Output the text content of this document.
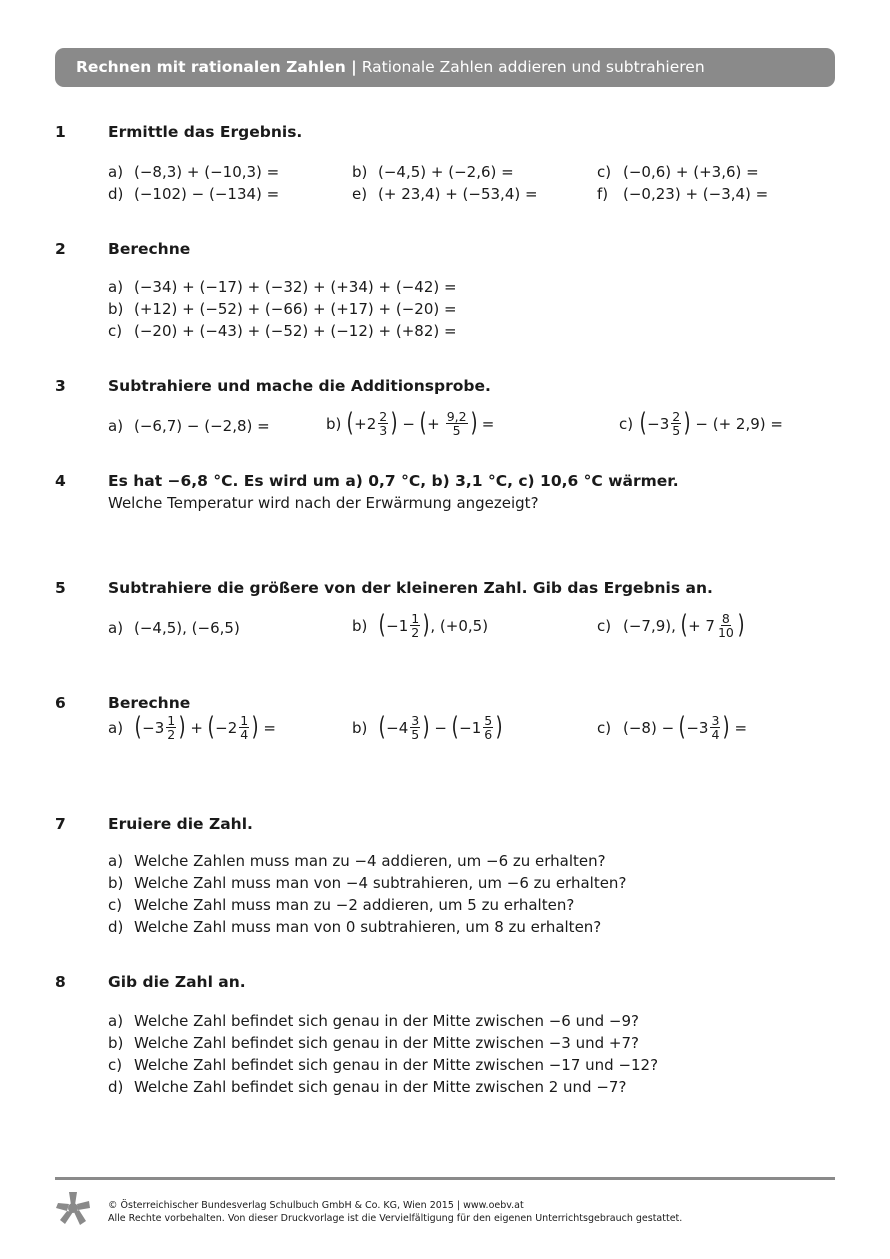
Rechnen mit rationalen Zahlen | Rationale Zahlen addieren und subtrahieren
1	Ermittle das Ergebnis.
a) (−8,3) + (−10,3) =	b) (−4,5) + (−2,6) =	c) (−0,6) + (+3,6) =
d) (−102) − (−134) =	e) (+ 23,4) + (−53,4) =	f) (−0,23) + (−3,4) =
2	Berechne
a) (−34) + (−17) + (−32) + (+34) + (−42) =
b) (+12) + (−52) + (−66) + (+17) + (−20) =
c) (−20) + (−43) + (−52) + (−12) + (+82) =
3	Subtrahiere und mache die Additionsprobe.
a) (−6,7) − (−2,8) =	b) ( $+2 \frac{2}{3}$ ) − ( + $\frac{9,2}{5}$ ) =	c) ( $-3 \frac{2}{5}$ ) − (+ 2,9) =
4	Es hat −6,8 °C. Es wird um a) 0,7 °C, b) 3,1 °C, c) 10,6 °C wärmer.
Welche Temperatur wird nach der Erwärmung angezeigt?
5	Subtrahiere die größere von der kleineren Zahl. Gib das Ergebnis an.
a) (−4,5), (−6,5)	b) ( $-1 \frac{1}{2}$ ) , (+0,5)	c) (−7,9), ( + $7 \frac{8}{10}$ )
6	Berechne
a) ( $-3 \frac{1}{2}$ ) + ( $-2 \frac{1}{4}$ ) =	b) ( $-4 \frac{3}{5}$ ) − ( $-1 \frac{5}{6}$ )	c) (−8) − ( $-3 \frac{3}{4}$ ) =
7	Eruiere die Zahl.
a) Welche Zahlen muss man zu −4 addieren, um −6 zu erhalten?
b) Welche Zahl muss man von −4 subtrahieren, um −6 zu erhalten?
c) Welche Zahl muss man zu −2 addieren, um 5 zu erhalten?
d) Welche Zahl muss man von 0 subtrahieren, um 8 zu erhalten?
8	Gib die Zahl an.
a) Welche Zahl befindet sich genau in der Mitte zwischen −6 und −9?
b) Welche Zahl befindet sich genau in der Mitte zwischen −3 und +7?
c) Welche Zahl befindet sich genau in der Mitte zwischen −17 und −12?
d) Welche Zahl befindet sich genau in der Mitte zwischen 2 und −7?
© Österreichischer Bundesverlag Schulbuch GmbH & Co. KG, Wien 2015 | www.oebv.at
Alle Rechte vorbehalten. Von dieser Druckvorlage ist die Vervielfältigung für den eigenen Unterrichtsgebrauch gestattet.
